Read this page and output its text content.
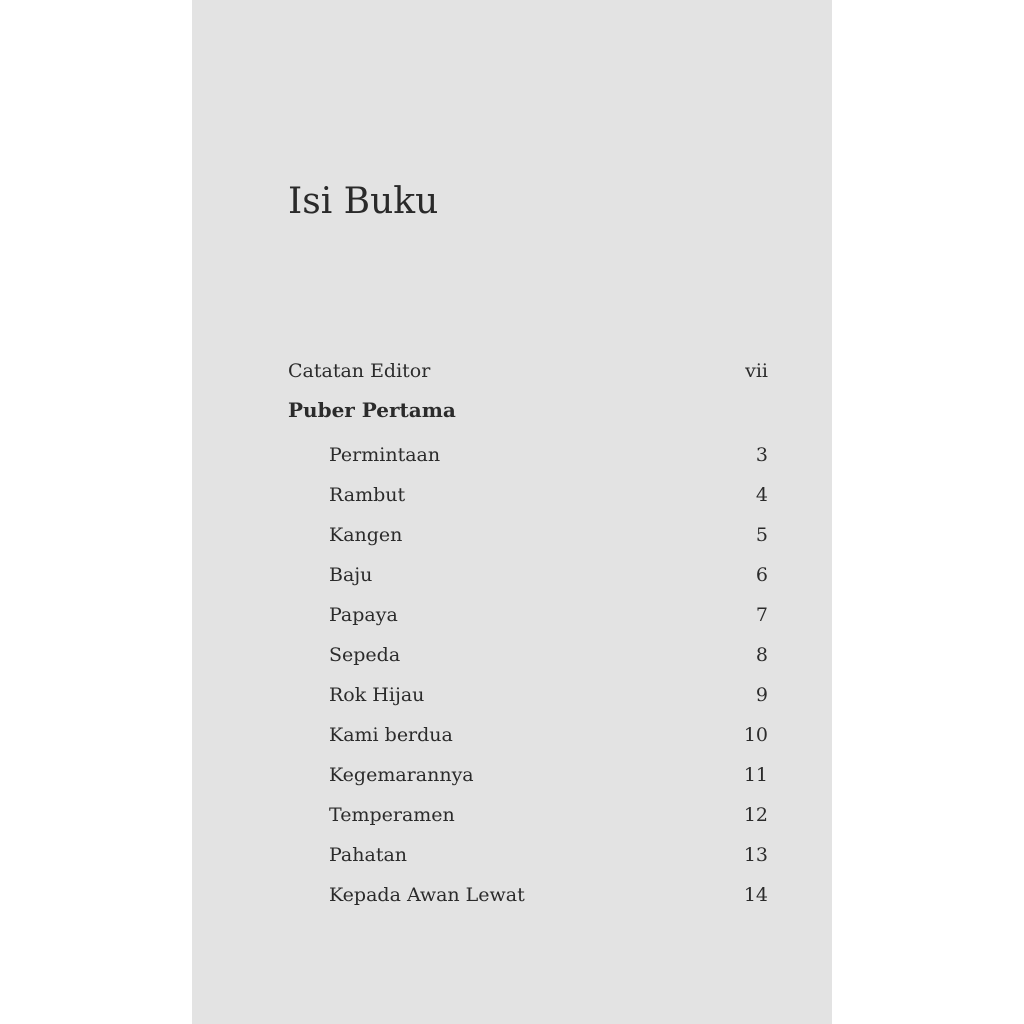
Isi Buku
Catatan Editor	vii
Puber Pertama
Permintaan	3
Rambut	4
Kangen	5
Baju	6
Papaya	7
Sepeda	8
Rok Hijau	9
Kami berdua	10
Kegemarannya	11
Temperamen	12
Pahatan	13
Kepada Awan Lewat	14
